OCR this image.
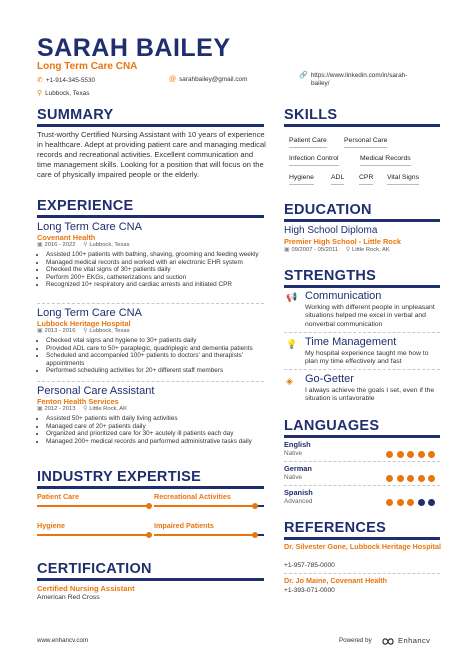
SARAH BAILEY
Long Term Care CNA
✆ +1-914-345-5530	@ sarahbailey@gmail.com
🔗 https://www.linkedin.com/in/sarah-
bailey/
⚲ Lubbock, Texas
SUMMARY
Trust-worthy Certified Nursing Assistant with 10 years of experience in healthcare. Adept at providing patient care and managing medical records and recreational activities. Excellent communication and time management skills. Looking for a position that will focus on the care of physically impaired people or the elderly.
EXPERIENCE
Long Term Care CNA
Covenant Health
▣ 2016 - 2022 ⚲ Lubbock, Texas
• Assisted 100+ patients with bathing, shaving, grooming and feeding weekly
• Managed medical records and worked with an electronic EHR system
• Checked the vital signs of 30+ patients daily
• Perform 200+ EKGs, catheterizations and suction
• Recognized 10+ respiratory and cardiac arrests and initiated CPR
Long Term Care CNA
Lubbock Heritage Hospital
▣ 2013 - 2016 ⚲ Lubbock, Texas
• Checked vital signs and hygiene to 30+ patients daily
• Provided ADL care to 50+ paraplegic, quadriplegic and dementia patients
• Scheduled and accompanied 100+ patients to doctors' and therapists' appointments
• Performed scheduling activities for 20+ different staff members
Personal Care Assistant
Fenton Health Services
▣ 2012 - 2013 ⚲ Little Rock, AK
• Assisted 50+ patients with daily living activities
• Managed care of 20+ patients daily
• Organized and prioritized care for 30+ acutely ill patients each day
• Managed 200+ medical records and performed administrative tasks daily
INDUSTRY EXPERTISE
Patient Care	Recreational Activities
Hygiene	Impaired Patients
CERTIFICATION
Certified Nursing Assistant
American Red Cross
SKILLS
Patient Care	Personal Care
Infection Control	Medical Records
Hygiene	ADL CPR Vital Signs
EDUCATION
High School Diploma
Premier High School - Little Rock
▣ 09/2007 - 05/2011 ⚲ Little Rock, AK
STRENGTHS
📢 Communication
Working with different people in unpleasant situations helped me excel in verbal and nonverbal communication
💡 Time Management
My hospital experience taught me how to plan my time effectively and fast
◈ Go-Getter
I always achieve the goals I set, even if the situation is unfavorable
LANGUAGES
English
Native
German
Native
Spanish
Advanced
REFERENCES
Dr. Silvester Gone, Lubbock Heritage Hospital
+1-957-785-0000
Dr. Jo Maine, Covenant Health
+1-393-071-0000
www.enhancv.com	Powered by	Enhancv
